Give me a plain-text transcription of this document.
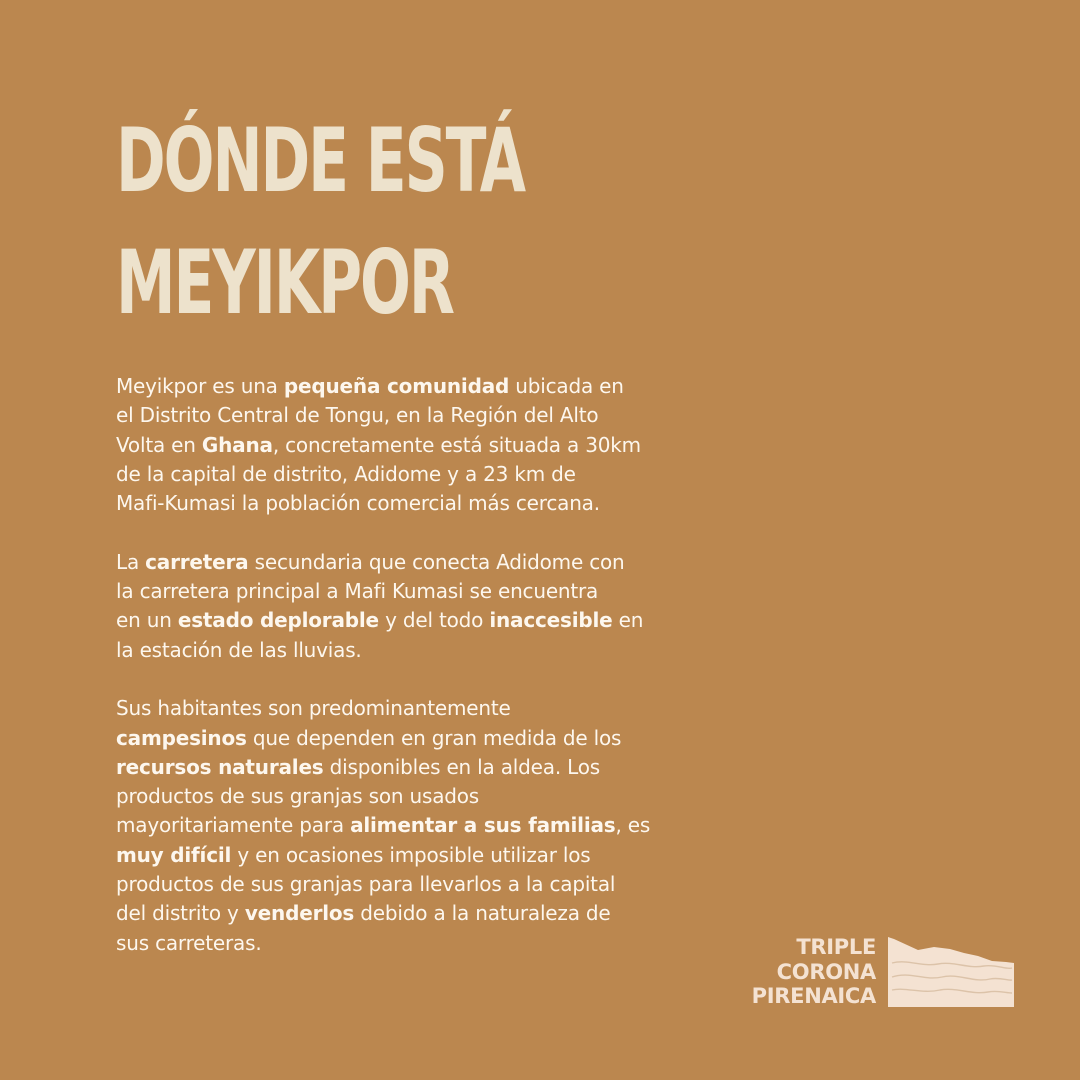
DÓNDE ESTÁ
MEYIKPOR

Meyikpor es una pequeña comunidad ubicada en
el Distrito Central de Tongu, en la Región del Alto
Volta en Ghana, concretamente está situada a 30km
de la capital de distrito, Adidome y a 23 km de
Mafi-Kumasi la población comercial más cercana.

La carretera secundaria que conecta Adidome con
la carretera principal a Mafi Kumasi se encuentra
en un estado deplorable y del todo inaccesible en
la estación de las lluvias.

Sus habitantes son predominantemente
campesinos que dependen en gran medida de los
recursos naturales disponibles en la aldea. Los
productos de sus granjas son usados
mayoritariamente para alimentar a sus familias, es
muy difícil y en ocasiones imposible utilizar los
productos de sus granjas para llevarlos a la capital
del distrito y venderlos debido a la naturaleza de
sus carreteras.	TRIPLE
CORONA
PIRENAICA
